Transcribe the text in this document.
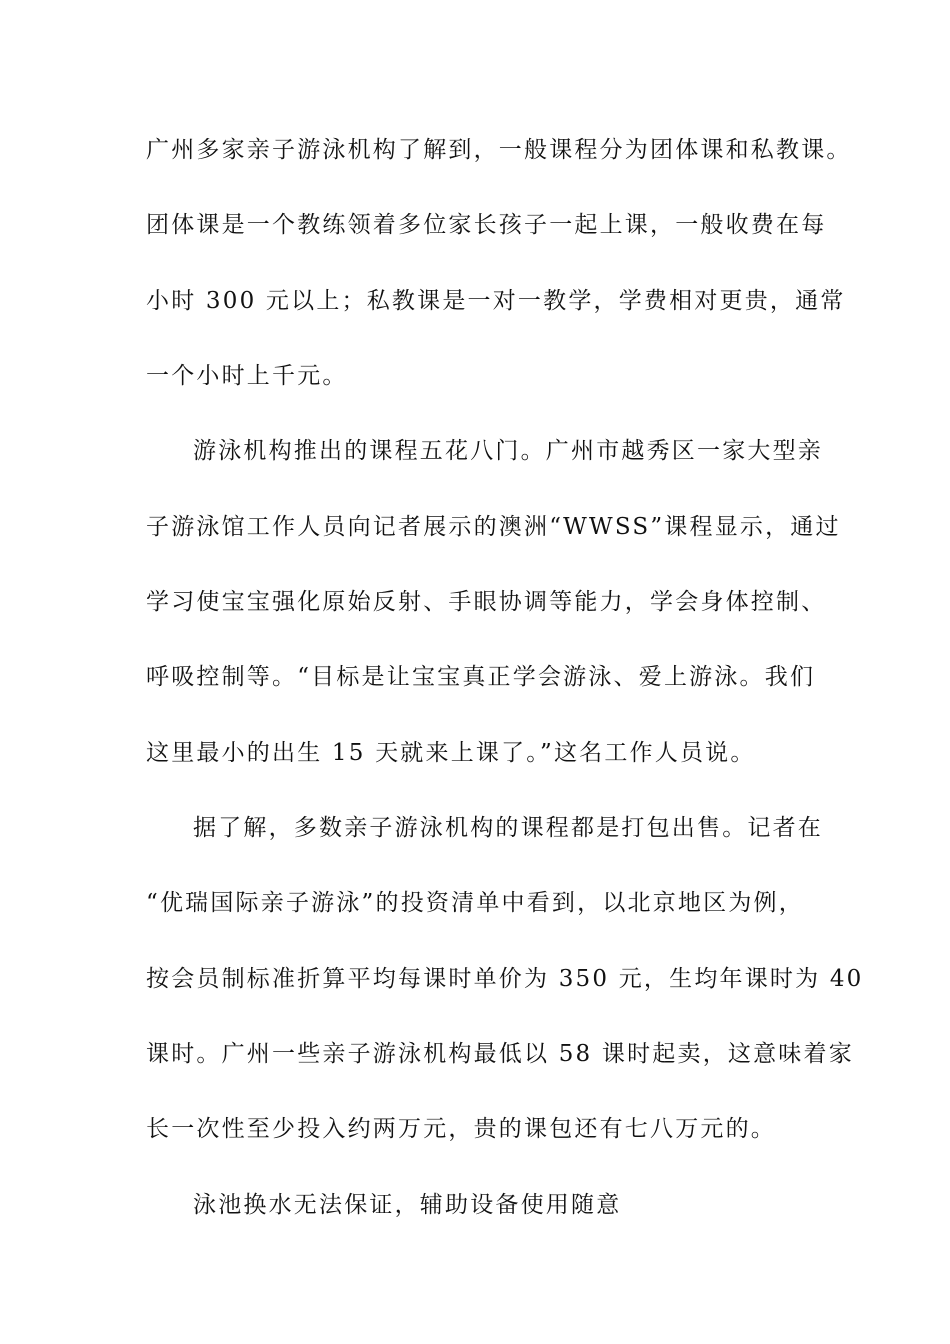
广州多家亲子游泳机构了解到，一般课程分为团体课和私教课。
团体课是一个教练领着多位家长孩子一起上课，一般收费在每
小时 300 元以上；私教课是一对一教学，学费相对更贵，通常
一个小时上千元。
游泳机构推出的课程五花八门。广州市越秀区一家大型亲
子游泳馆工作人员向记者展示的澳洲“WWSS”课程显示，通过
学习使宝宝强化原始反射、手眼协调等能力，学会身体控制、
呼吸控制等。“目标是让宝宝真正学会游泳、爱上游泳。我们
这里最小的出生 15 天就来上课了。”这名工作人员说。
据了解，多数亲子游泳机构的课程都是打包出售。记者在
“优瑞国际亲子游泳”的投资清单中看到，以北京地区为例，
按会员制标准折算平均每课时单价为 350 元，生均年课时为 40
课时。广州一些亲子游泳机构最低以 58 课时起卖，这意味着家
长一次性至少投入约两万元，贵的课包还有七八万元的。
泳池换水无法保证，辅助设备使用随意
